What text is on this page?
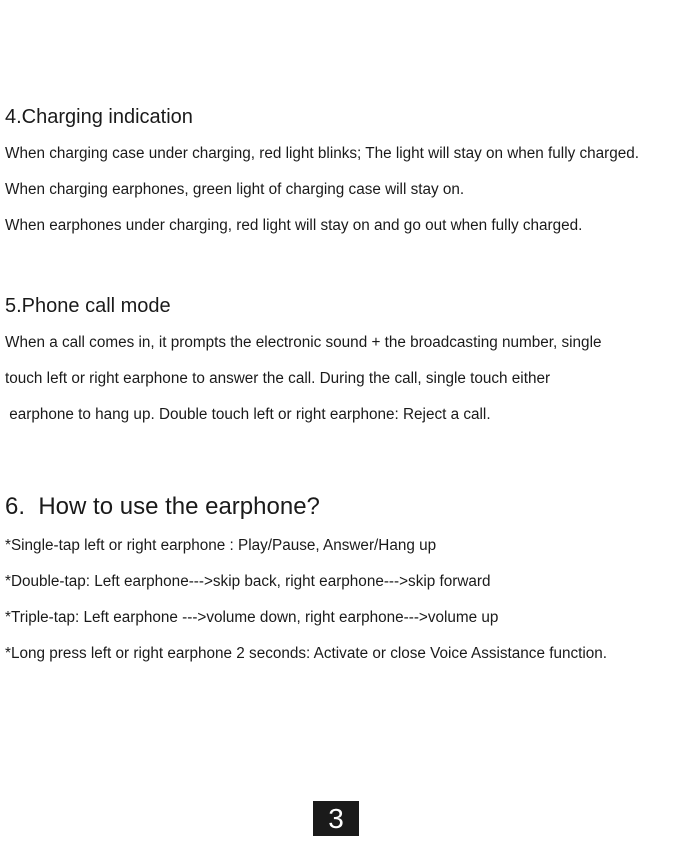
4.Charging indication
When charging case under charging, red light blinks; The light will stay on when fully charged.
When charging earphones, green light of charging case will stay on.
When earphones under charging, red light will stay on and go out when fully charged.
5.Phone call mode
When a call comes in, it prompts the electronic sound + the broadcasting number, single
touch left or right earphone to answer the call. During the call, single touch either
earphone to hang up. Double touch left or right earphone: Reject a call.
6.  How to use the earphone?
*Single-tap left or right earphone : Play/Pause, Answer/Hang up
*Double-tap: Left earphone--->skip back, right earphone--->skip forward
*Triple-tap: Left earphone --->volume down, right earphone--->volume up
*Long press left or right earphone 2 seconds: Activate or close Voice Assistance function.
3
